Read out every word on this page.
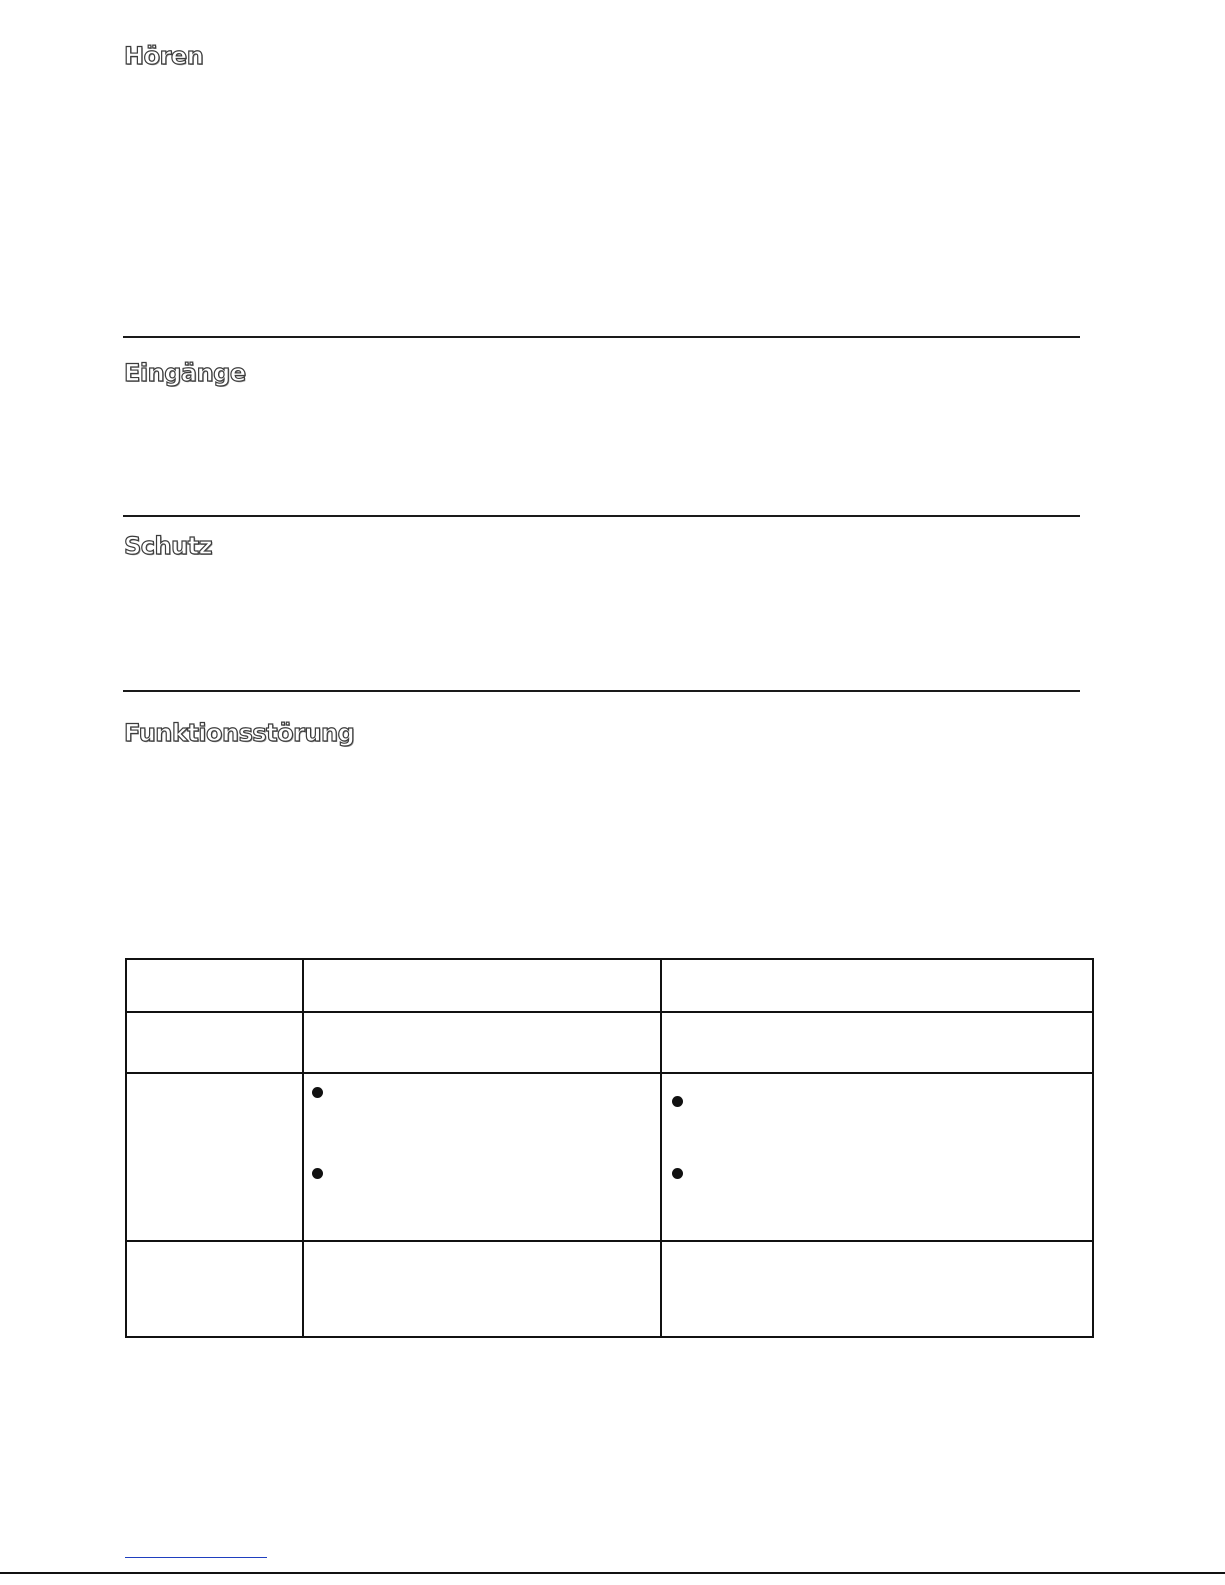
Hören
Eingänge
Schutz
Funktionsstörung
